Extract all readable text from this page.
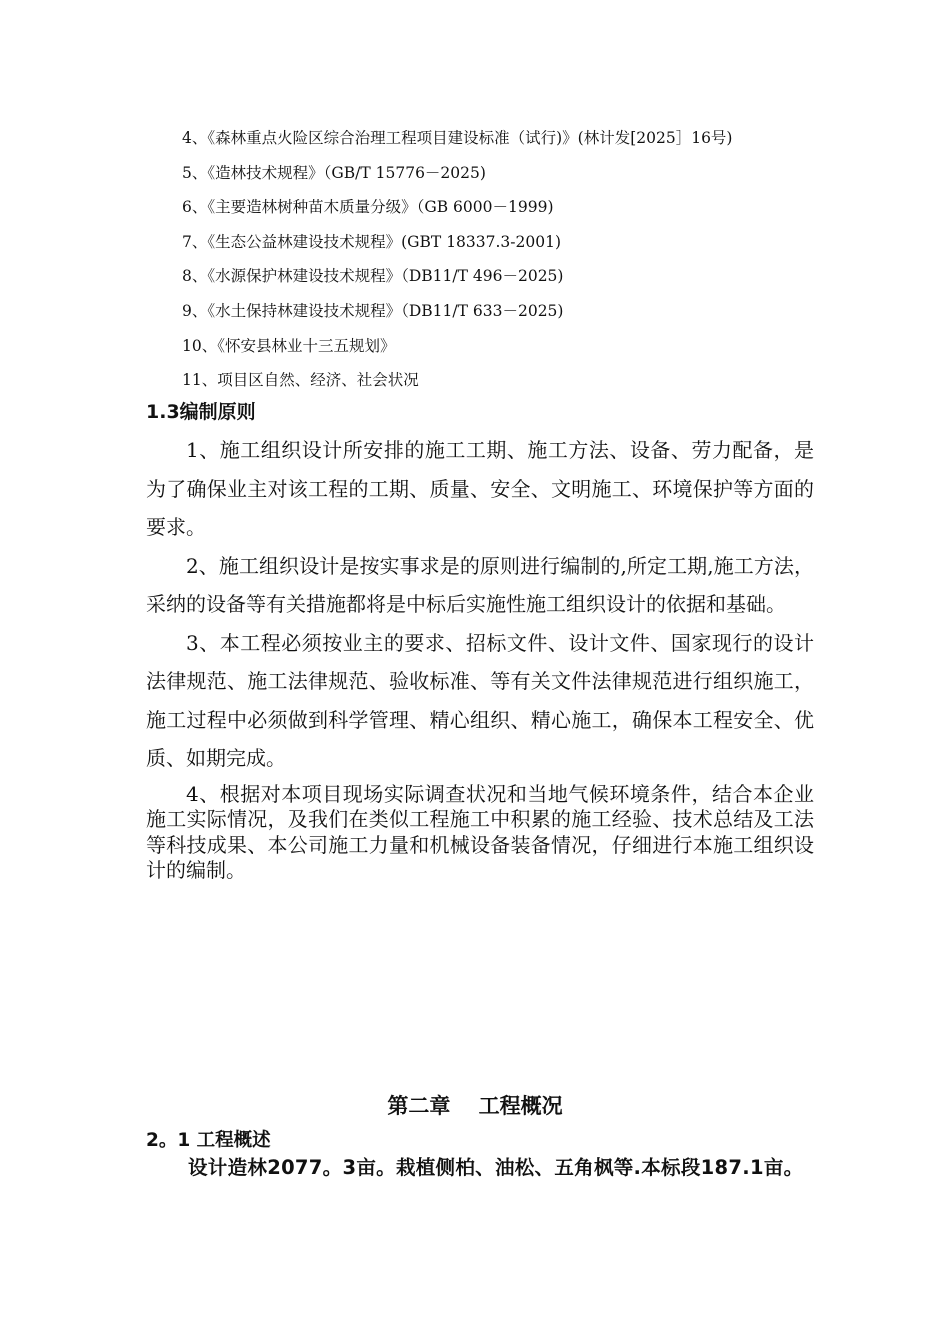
4、《森林重点火险区综合治理工程项目建设标准（试行)》(林计发[2025］16号)
5、《造林技术规程》（GB/T 15776－2025)
6、《主要造林树种苗木质量分级》（GB 6000－1999)
7、《生态公益林建设技术规程》(GBT 18337.3-2001)
8、《水源保护林建设技术规程》（DB11/T 496－2025)
9、《水土保持林建设技术规程》（DB11/T 633－2025)
10、《怀安县林业十三五规划》
11、项目区自然、经济、社会状况
1.3编制原则

1、施工组织设计所安排的施工工期、施工方法、设备、劳力配备，是为了确保业主对该工程的工期、质量、安全、文明施工、环境保护等方面的要求。

2、施工组织设计是按实事求是的原则进行编制的,所定工期,施工方法，采纳的设备等有关措施都将是中标后实施性施工组织设计的依据和基础。

3、本工程必须按业主的要求、招标文件、设计文件、国家现行的设计法律规范、施工法律规范、验收标准、等有关文件法律规范进行组织施工，施工过程中必须做到科学管理、精心组织、精心施工，确保本工程安全、优质、如期完成。

4、根据对本项目现场实际调查状况和当地气候环境条件，结合本企业施工实际情况，及我们在类似工程施工中积累的施工经验、技术总结及工法等科技成果、本公司施工力量和机械设备装备情况，仔细进行本施工组织设计的编制。

第二章　 工程概况
2。1 工程概述

设计造林2077。3亩。栽植侧柏、油松、五角枫等.本标段187.1亩。
